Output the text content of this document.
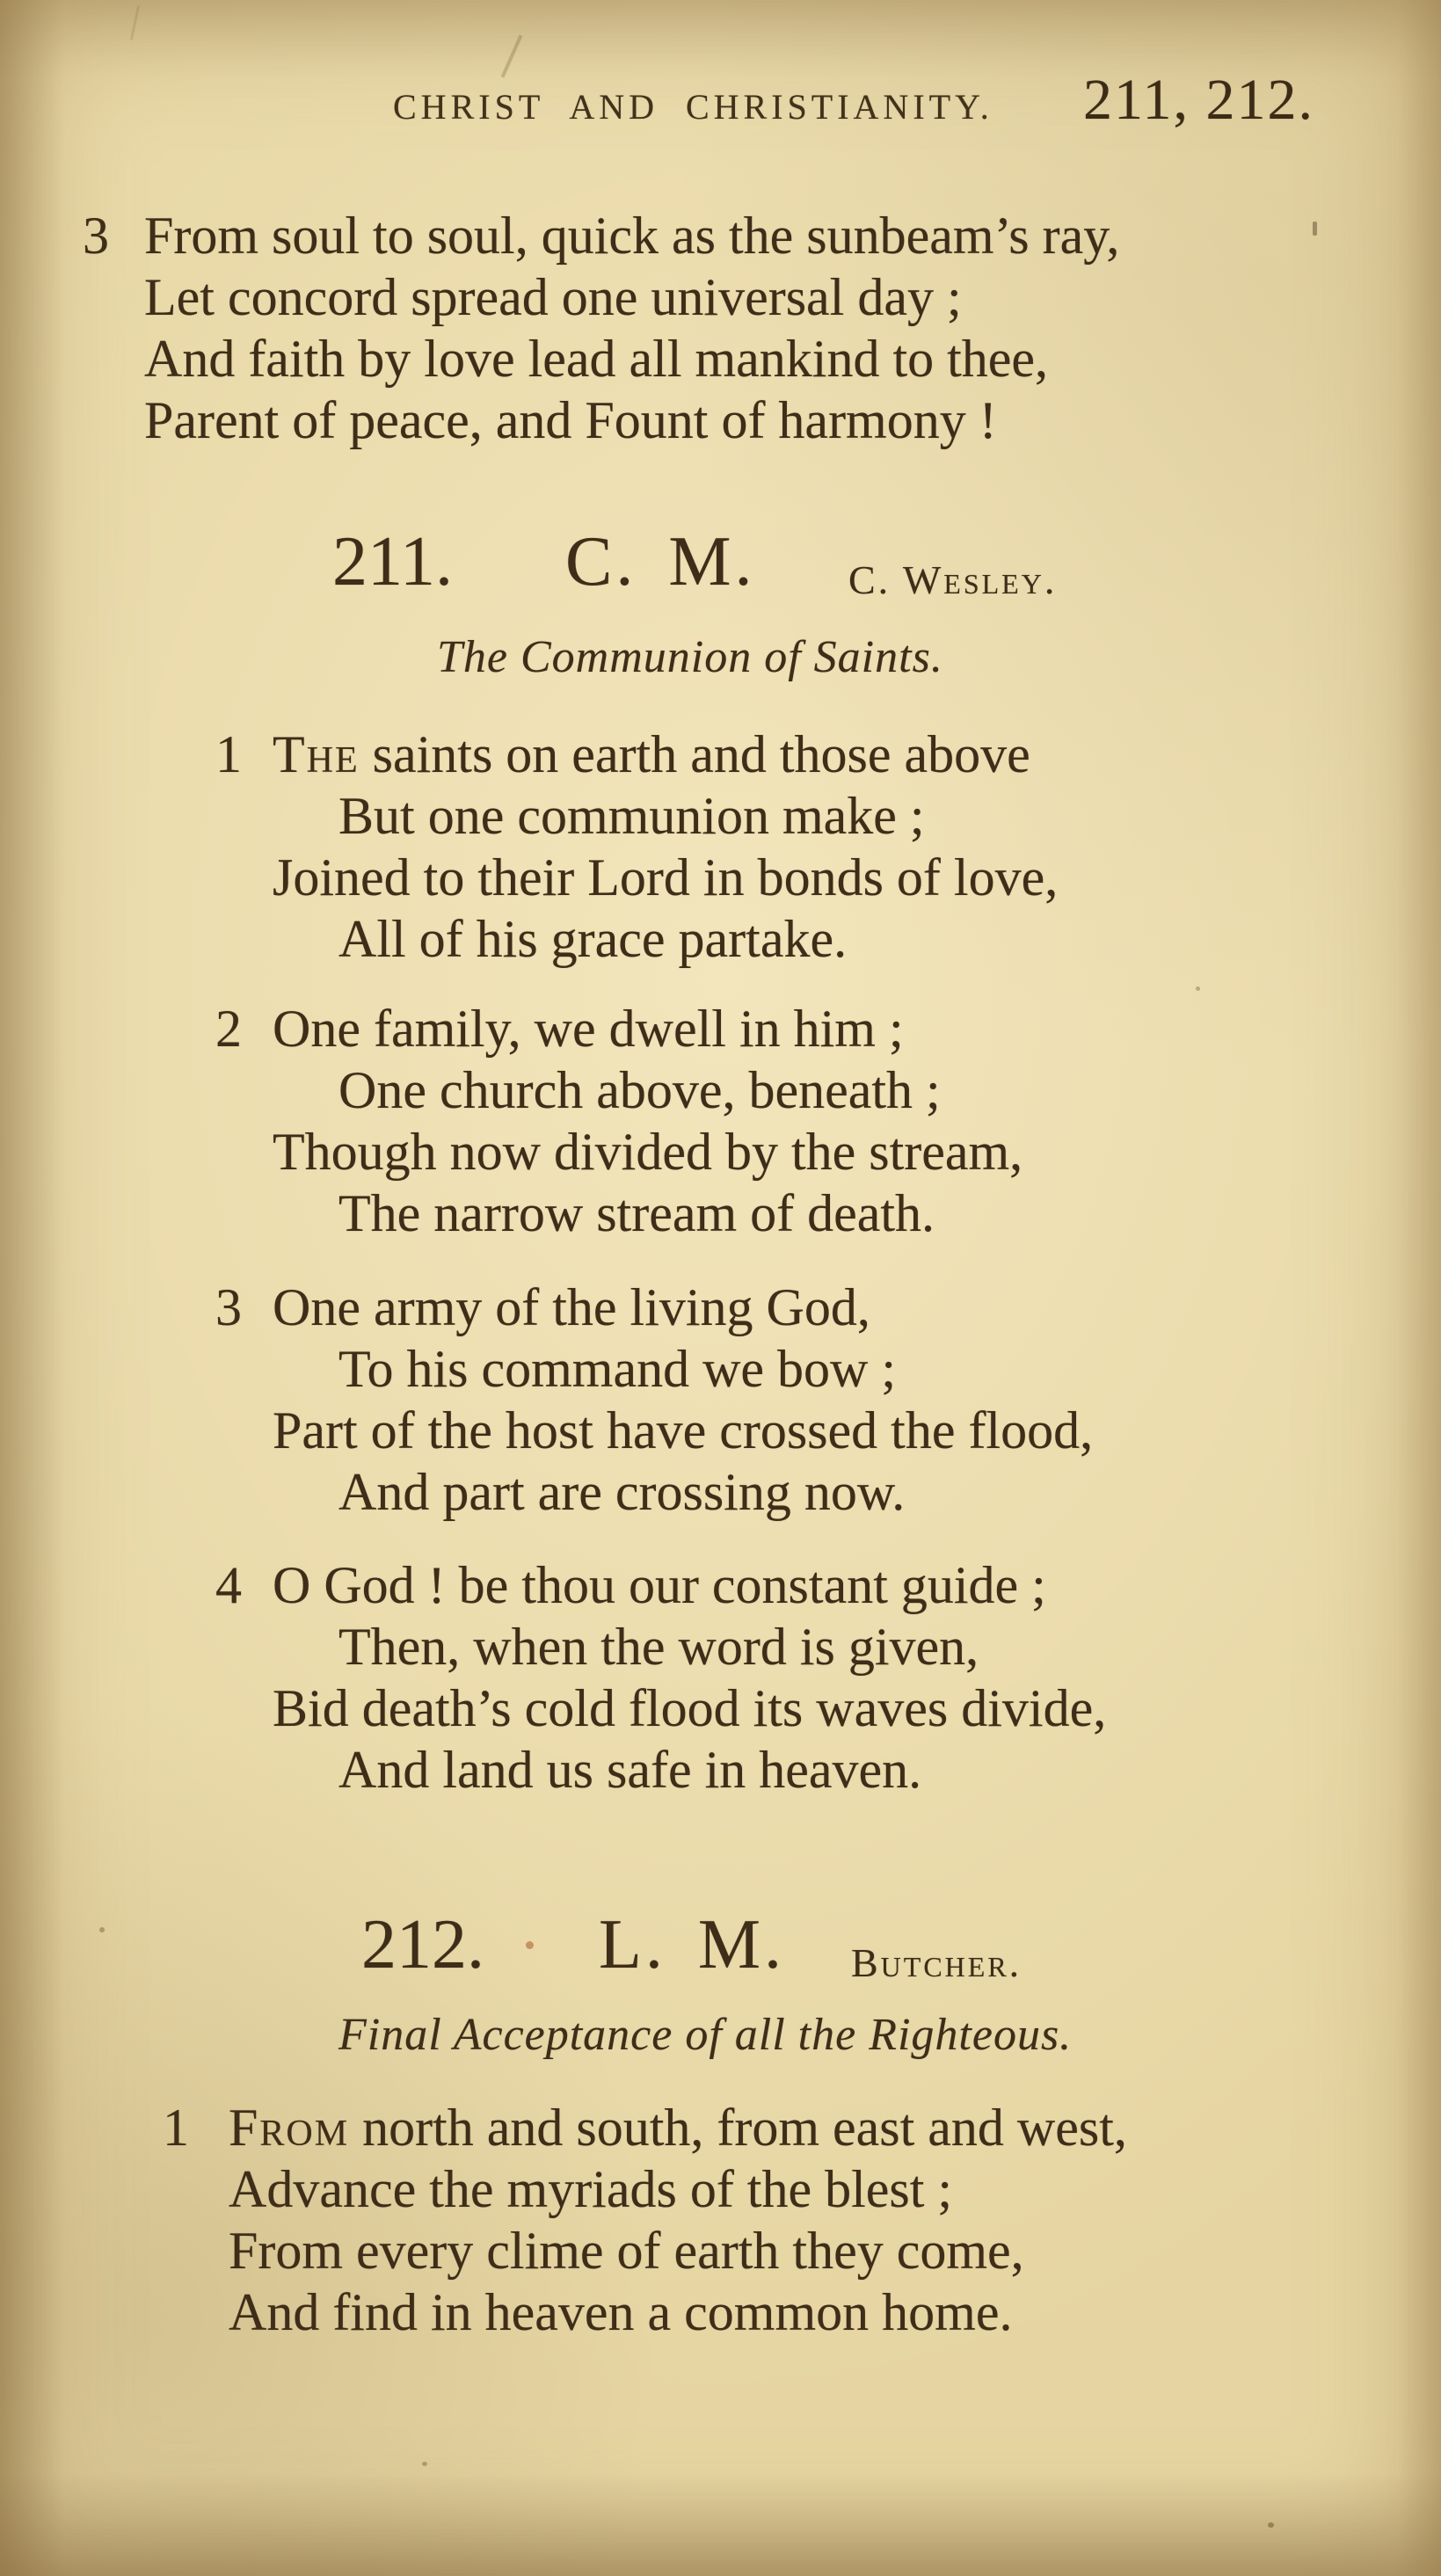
CHRIST AND CHRISTIANITY. 211, 212.
3 From soul to soul, quick as the sunbeam’s ray,
Let concord spread one universal day ;
And faith by love lead all mankind to thee,
Parent of peace, and Fount of harmony !
211. C. M. C. Wesley.
The Communion of Saints.
1 The saints on earth and those above
But one communion make ;
Joined to their Lord in bonds of love,
All of his grace partake.
2 One family, we dwell in him ;
One church above, beneath ;
Though now divided by the stream,
The narrow stream of death.
3 One army of the living God,
To his command we bow ;
Part of the host have crossed the flood,
And part are crossing now.
4 O God ! be thou our constant guide ;
Then, when the word is given,
Bid death’s cold flood its waves divide,
And land us safe in heaven.
212. L. M. Butcher.
Final Acceptance of all the Righteous.
1 From north and south, from east and west,
Advance the myriads of the blest ;
From every clime of earth they come,
And find in heaven a common home.
